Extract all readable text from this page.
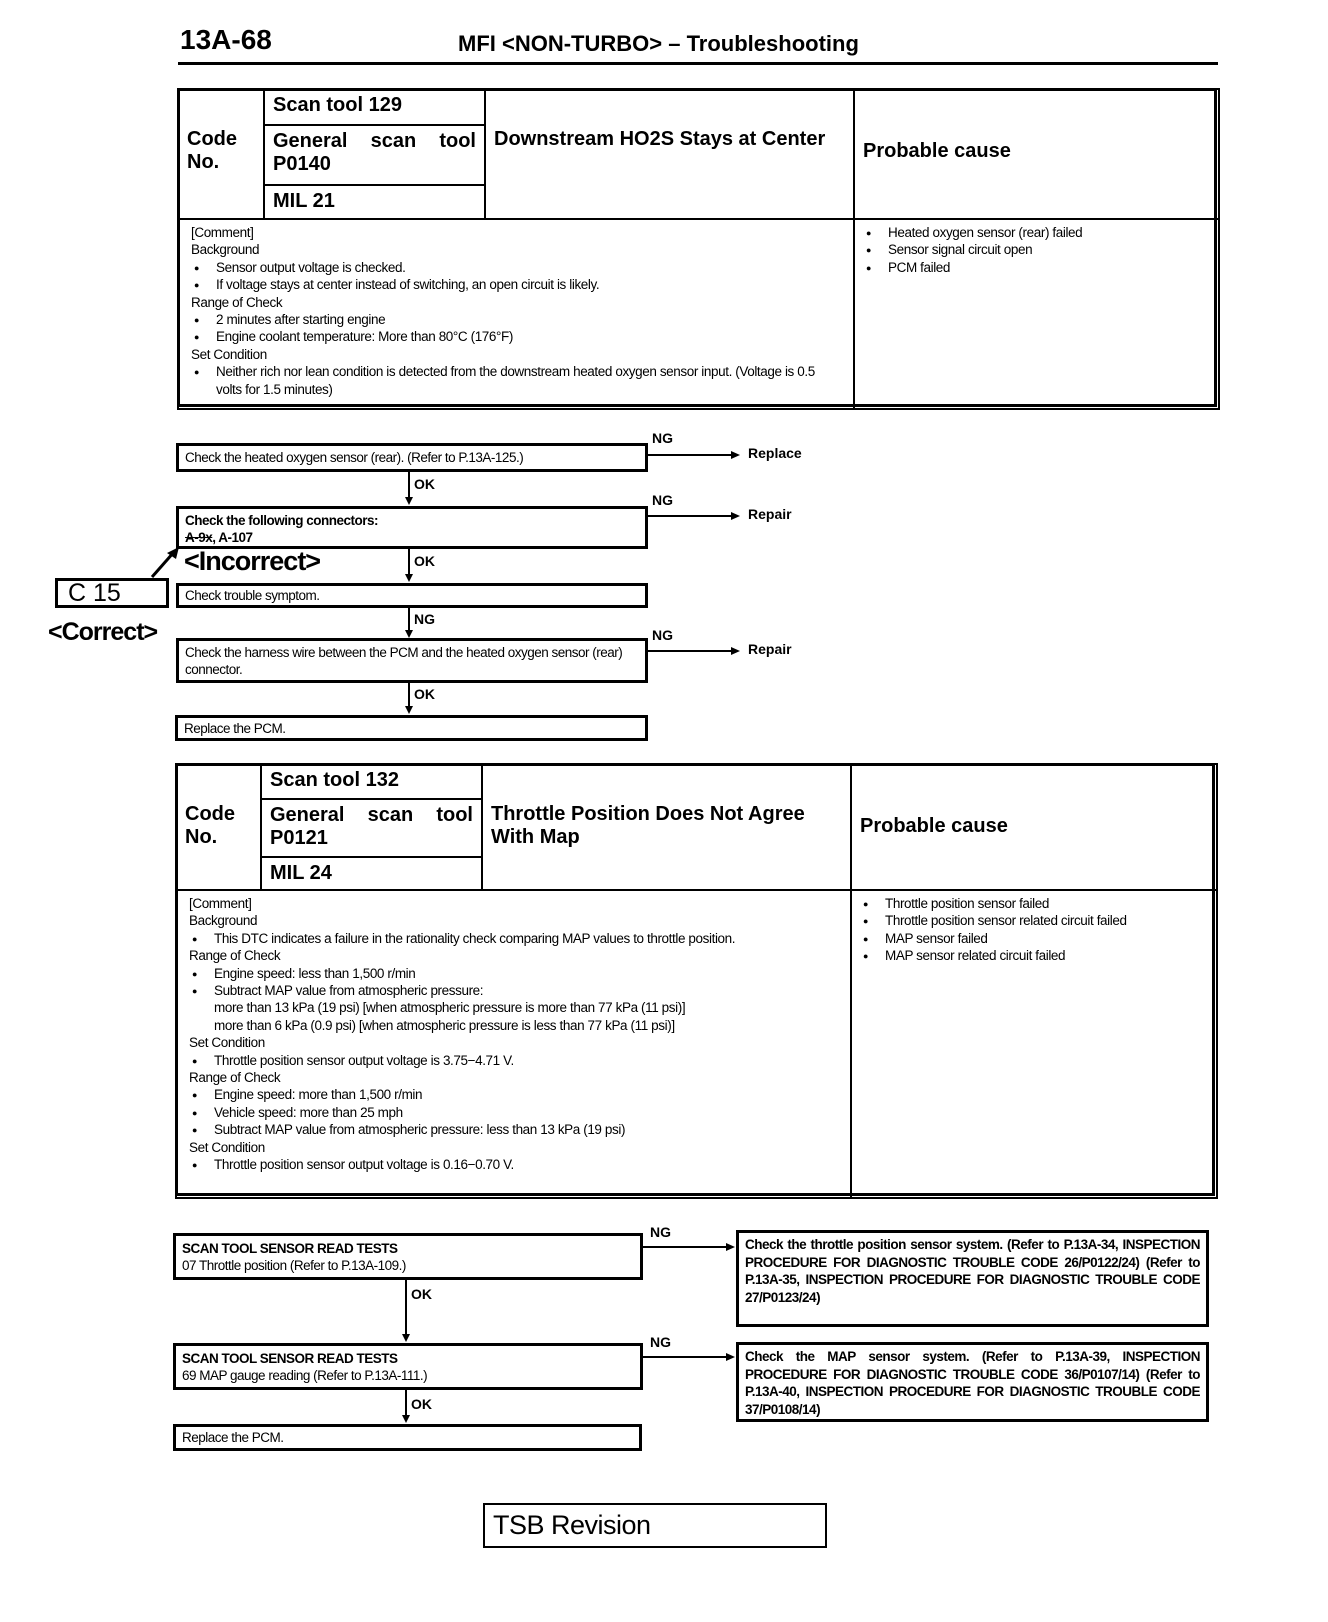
13A-68	MFI <NON-TURBO> – Troubleshooting
Code No.
Scan tool 129
General scan tool P0140
MIL 21
Downstream HO2S Stays at Center
Probable cause
[Comment]
Background
● Sensor output voltage is checked.
● If voltage stays at center instead of switching, an open circuit is likely.
Range of Check
● 2 minutes after starting engine
● Engine coolant temperature: More than 80°C (176°F)
Set Condition
● Neither rich nor lean condition is detected from the downstream heated oxygen sensor input. (Voltage is 0.5 volts for 1.5 minutes)
● Heated oxygen sensor (rear) failed
● Sensor signal circuit open
● PCM failed
Check the heated oxygen sensor (rear). (Refer to P.13A-125.)
NG
Replace
OK
Check the following connectors:
A-9x, A-107
NG
Repair
OK
<Incorrect>
C 15
<Correct>
Check trouble symptom.
NG
Check the harness wire between the PCM and the heated oxygen sensor (rear) connector.
NG
Repair
OK
Replace the PCM.
Code No.
Scan tool 132
General scan tool P0121
MIL 24
Throttle Position Does Not Agree With Map	Probable cause
[Comment]
Background
● This DTC indicates a failure in the rationality check comparing MAP values to throttle position.
Range of Check
● Engine speed: less than 1,500 r/min
● Subtract MAP value from atmospheric pressure:
more than 13 kPa (19 psi) [when atmospheric pressure is more than 77 kPa (11 psi)]
more than 6 kPa (0.9 psi) [when atmospheric pressure is less than 77 kPa (11 psi)]
Set Condition
● Throttle position sensor output voltage is 3.75−4.71 V.
Range of Check
● Engine speed: more than 1,500 r/min
● Vehicle speed: more than 25 mph
● Subtract MAP value from atmospheric pressure: less than 13 kPa (19 psi)
Set Condition
● Throttle position sensor output voltage is 0.16−0.70 V.
● Throttle position sensor failed
● Throttle position sensor related circuit failed
● MAP sensor failed
● MAP sensor related circuit failed
SCAN TOOL SENSOR READ TESTS
07 Throttle position (Refer to P.13A-109.)
NG
Check the throttle position sensor system. (Refer to P.13A-34, INSPECTION PROCEDURE FOR DIAGNOSTIC TROUBLE CODE 26/P0122/24) (Refer to P.13A-35, INSPECTION PROCEDURE FOR DIAGNOSTIC TROUBLE CODE 27/P0123/24)
OK
SCAN TOOL SENSOR READ TESTS
69 MAP gauge reading (Refer to P.13A-111.)
NG
Check the MAP sensor system. (Refer to P.13A-39, INSPECTION PROCEDURE FOR DIAGNOSTIC TROUBLE CODE 36/P0107/14) (Refer to P.13A-40, INSPECTION PROCEDURE FOR DIAGNOSTIC TROUBLE CODE 37/P0108/14)
OK
Replace the PCM.
TSB Revision
